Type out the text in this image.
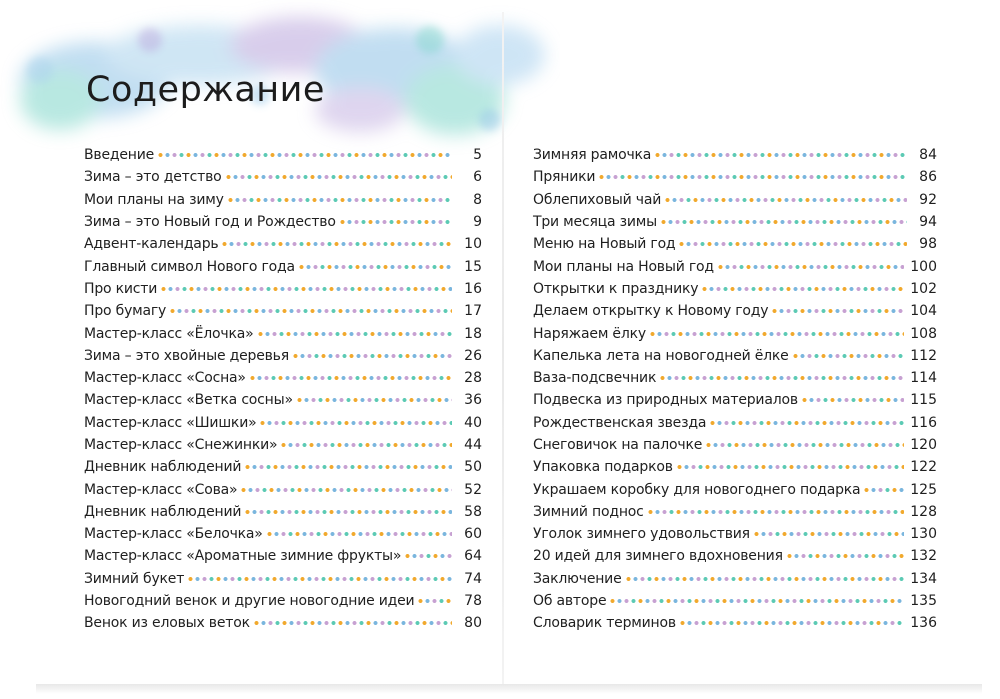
Содержание
Введение	5
Зима – это детство	6
Мои планы на зиму	8
Зима – это Новый год и Рождество	9
Адвент-календарь	10
Главный символ Нового года	15
Про кисти	16
Про бумагу	17
Мастер-класс «Ёлочка»	18
Зима – это хвойные деревья	26
Мастер-класс «Сосна»	28
Мастер-класс «Ветка сосны»	36
Мастер-класс «Шишки»	40
Мастер-класс «Снежинки»	44
Дневник наблюдений	50
Мастер-класс «Сова»	52
Дневник наблюдений	58
Мастер-класс «Белочка»	60
Мастер-класс «Ароматные зимние фрукты»	64
Зимний букет	74
Новогодний венок и другие новогодние идеи	78
Венок из еловых веток	80
Зимняя рамочка	84
Пряники	86
Облепиховый чай	92
Три месяца зимы	94
Меню на Новый год	98
Мои планы на Новый год	100
Открытки к празднику	102
Делаем открытку к Новому году	104
Наряжаем ёлку	108
Капелька лета на новогодней ёлке	112
Ваза-подсвечник	114
Подвеска из природных материалов	115
Рождественская звезда	116
Снеговичок на палочке	120
Упаковка подарков	122
Украшаем коробку для новогоднего подарка	125
Зимний поднос	128
Уголок зимнего удовольствия	130
20 идей для зимнего вдохновения	132
Заключение	134
Об авторе	135
Словарик терминов	136
